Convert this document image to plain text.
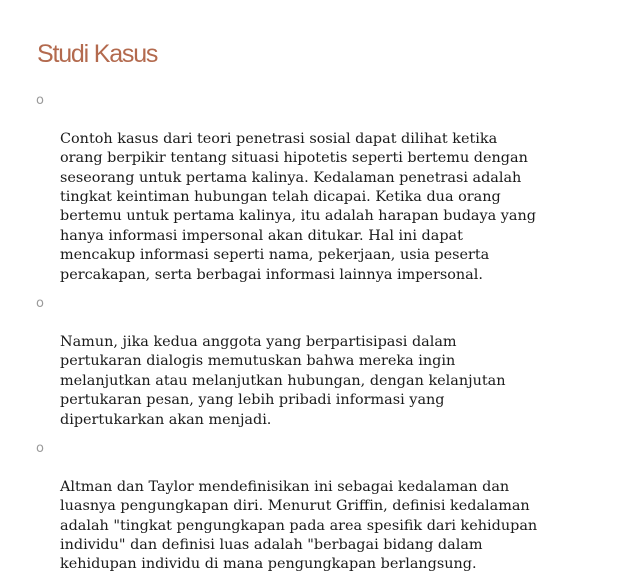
Studi Kasus

o

Contoh kasus dari teori penetrasi sosial dapat dilihat ketika
orang berpikir tentang situasi hipotetis seperti bertemu dengan
seseorang untuk pertama kalinya. Kedalaman penetrasi adalah
tingkat keintiman hubungan telah dicapai. Ketika dua orang
bertemu untuk pertama kalinya, itu adalah harapan budaya yang
hanya informasi impersonal akan ditukar. Hal ini dapat
mencakup informasi seperti nama, pekerjaan, usia peserta
percakapan, serta berbagai informasi lainnya impersonal.

o

Namun, jika kedua anggota yang berpartisipasi dalam
pertukaran dialogis memutuskan bahwa mereka ingin
melanjutkan atau melanjutkan hubungan, dengan kelanjutan
pertukaran pesan, yang lebih pribadi informasi yang
dipertukarkan akan menjadi.

o

Altman dan Taylor mendefinisikan ini sebagai kedalaman dan
luasnya pengungkapan diri. Menurut Griffin, definisi kedalaman
adalah "tingkat pengungkapan pada area spesifik dari kehidupan
individu" dan definisi luas adalah "berbagai bidang dalam
kehidupan individu di mana pengungkapan berlangsung.
